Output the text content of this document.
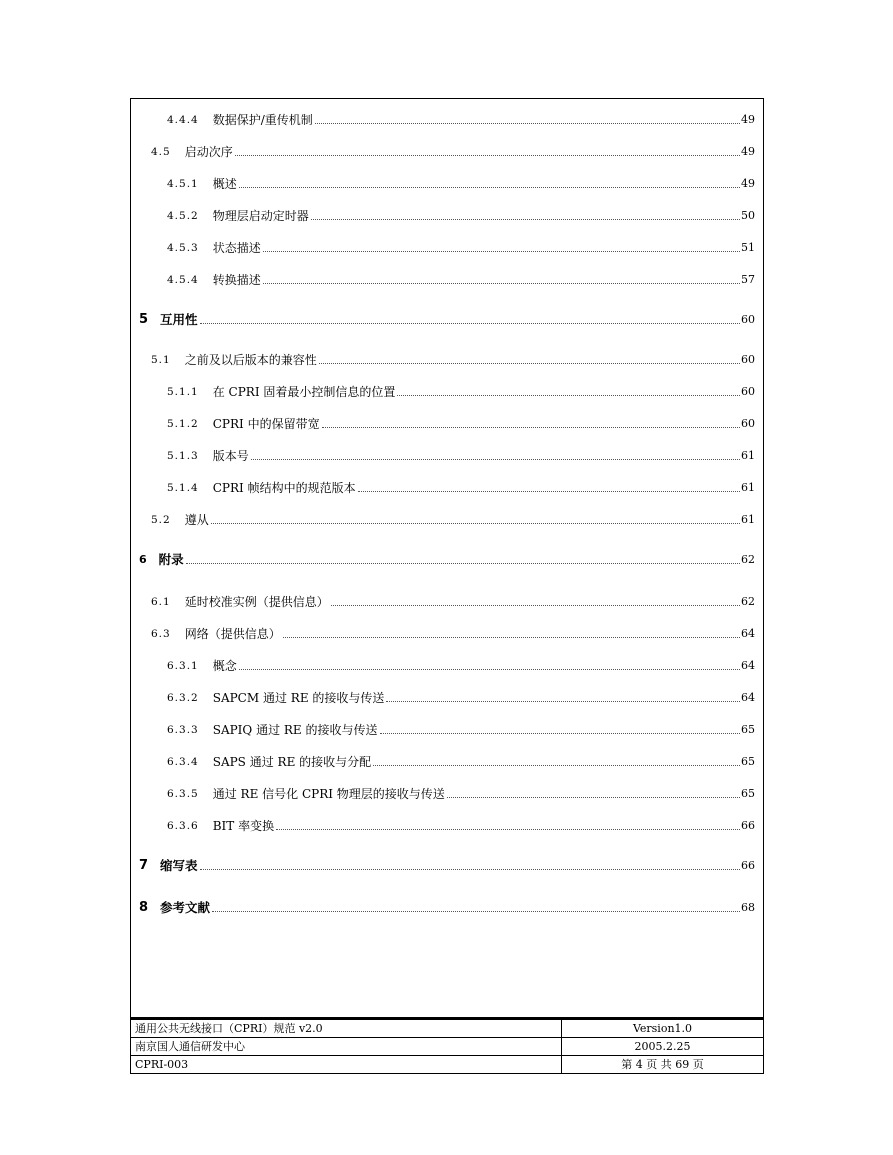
4.4.4	数据保护/重传机制	49
4.5	启动次序	49
4.5.1	概述	49
4.5.2	物理层启动定时器	50
4.5.3	状态描述	51
4.5.4	转换描述	57
5 互用性	60
5.1	之前及以后版本的兼容性	60
5.1.1	在 CPRI 固着最小控制信息的位置	60
5.1.2	CPRI 中的保留带宽	60
5.1.3	版本号	61
5.1.4	CPRI 帧结构中的规范版本	61
5.2	遵从	61
6 附录	62
6.1	延时校准实例（提供信息）	62
6.3	网络（提供信息）	64
6.3.1	概念	64
6.3.2	SAPCM 通过 RE 的接收与传送	64
6.3.3	SAPIQ 通过 RE 的接收与传送	65
6.3.4	SAPS 通过 RE 的接收与分配	65
6.3.5	通过 RE 信号化 CPRI 物理层的接收与传送	65
6.3.6	BIT 率变换	66
7 缩写表	66
8 参考文献	68
通用公共无线接口（CPRI）规范 v2.0	Version1.0
南京国人通信研发中心	2005.2.25
CPRI-003	第 4 页 共 69 页
